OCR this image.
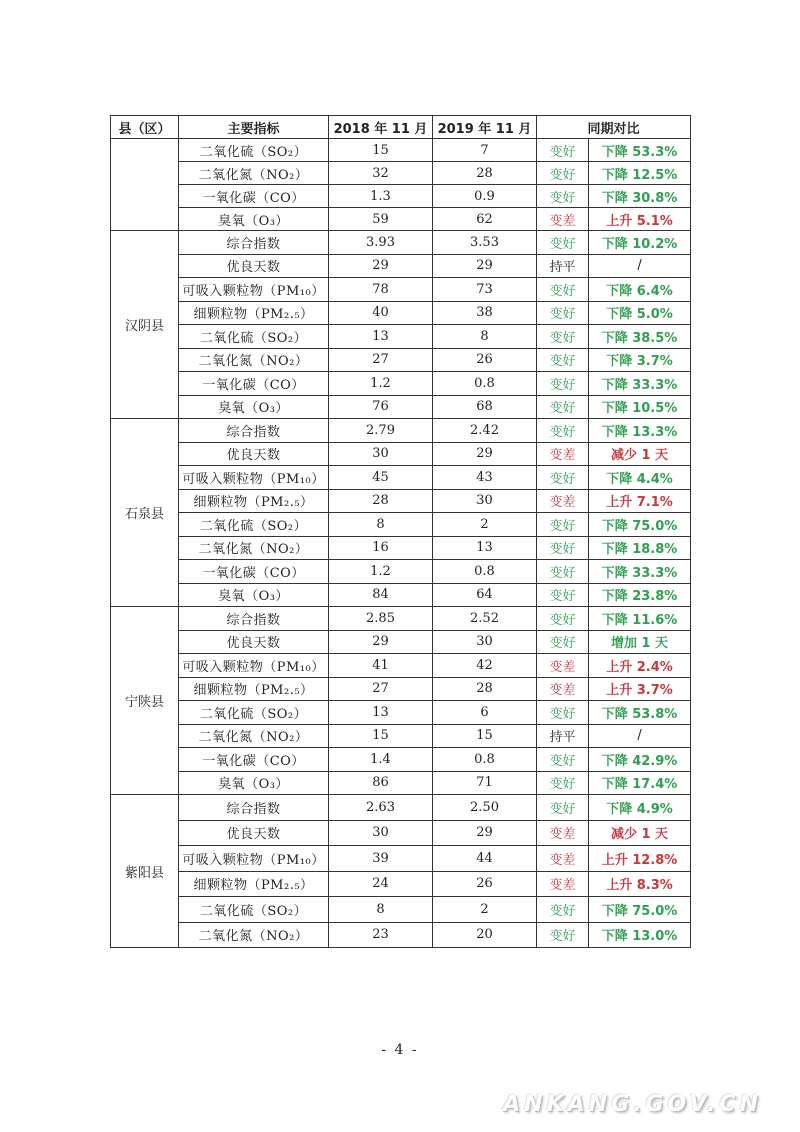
县（区）	主要指标	2018 年 11 月	2019 年 11 月	同期对比	
	二氧化硫（SO₂）	15	7	变好	下降 53.3%
	二氧化氮（NO₂）	32	28	变好	下降 12.5%
	一氧化碳（CO）	1.3	0.9	变好	下降 30.8%
	臭氧（O₃）	59	62	变差	上升 5.1%
汉阴县	综合指数	3.93	3.53	变好	下降 10.2%
	优良天数	29	29	持平	/
	可吸入颗粒物（PM₁₀）	78	73	变好	下降 6.4%
	细颗粒物（PM₂.₅）	40	38	变好	下降 5.0%
	二氧化硫（SO₂）	13	8	变好	下降 38.5%
	二氧化氮（NO₂）	27	26	变好	下降 3.7%
	一氧化碳（CO）	1.2	0.8	变好	下降 33.3%
	臭氧（O₃）	76	68	变好	下降 10.5%
石泉县	综合指数	2.79	2.42	变好	下降 13.3%
	优良天数	30	29	变差	减少 1 天
	可吸入颗粒物（PM₁₀）	45	43	变好	下降 4.4%
	细颗粒物（PM₂.₅）	28	30	变差	上升 7.1%
	二氧化硫（SO₂）	8	2	变好	下降 75.0%
	二氧化氮（NO₂）	16	13	变好	下降 18.8%
	一氧化碳（CO）	1.2	0.8	变好	下降 33.3%
	臭氧（O₃）	84	64	变好	下降 23.8%
宁陕县	综合指数	2.85	2.52	变好	下降 11.6%
	优良天数	29	30	变好	增加 1 天
	可吸入颗粒物（PM₁₀）	41	42	变差	上升 2.4%
	细颗粒物（PM₂.₅）	27	28	变差	上升 3.7%
	二氧化硫（SO₂）	13	6	变好	下降 53.8%
	二氧化氮（NO₂）	15	15	持平	/
	一氧化碳（CO）	1.4	0.8	变好	下降 42.9%
	臭氧（O₃）	86	71	变好	下降 17.4%
紫阳县	综合指数	2.63	2.50	变好	下降 4.9%
	优良天数	30	29	变差	减少 1 天
	可吸入颗粒物（PM₁₀）	39	44	变差	上升 12.8%
	细颗粒物（PM₂.₅）	24	26	变差	上升 8.3%
	二氧化硫（SO₂）	8	2	变好	下降 75.0%
	二氧化氮（NO₂）	23	20	变好	下降 13.0%
- 4 -
ANKANG.GOV.CN
